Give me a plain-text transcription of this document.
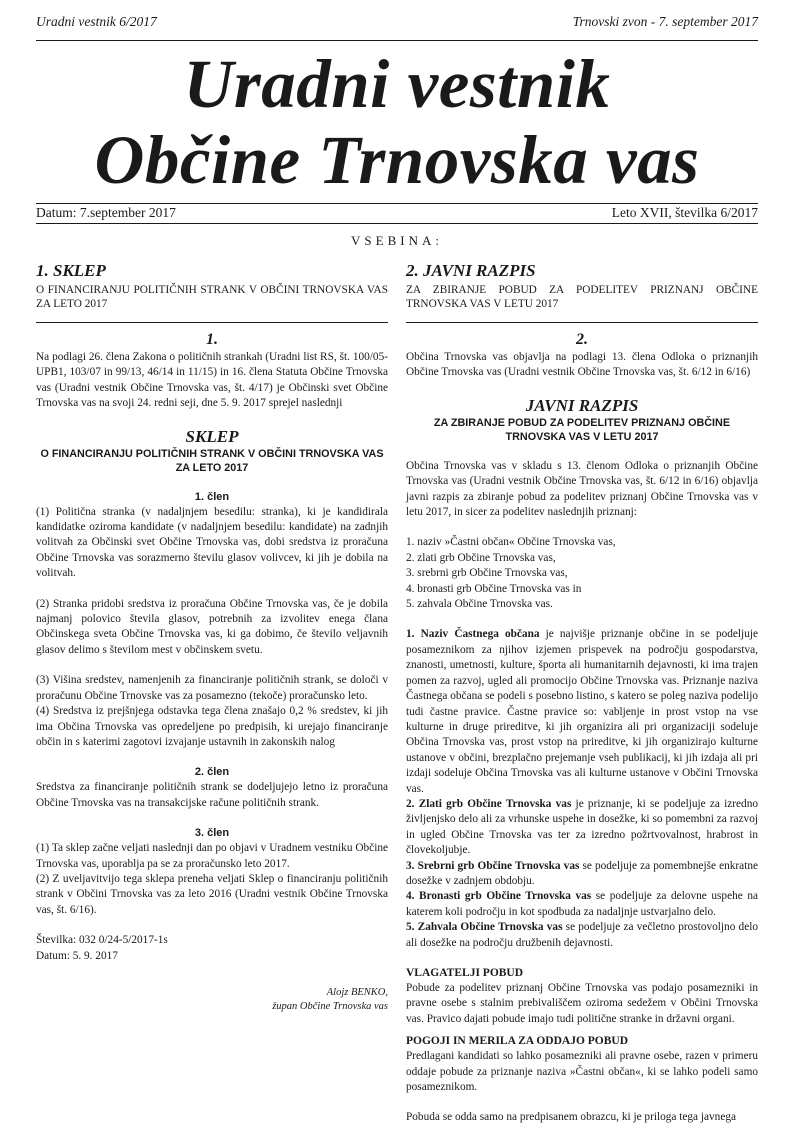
Uradni vestnik 6/2017	Trnovski zvon - 7. september 2017
Uradni vestnik
Občine Trnovska vas
Datum: 7.september 2017	Leto XVII, številka 6/2017
VSEBINA:
1. SKLEP

O FINANCIRANJU POLITIČNIH STRANK V OBČINI TRNOVSKA VAS ZA LETO 2017

2. JAVNI RAZPIS

ZA ZBIRANJE POBUD ZA PODELITEV PRIZNANJ OBČINE TRNOVSKA VAS V LETU 2017

1.

Na podlagi 26. člena Zakona o političnih strankah (Uradni list RS, št. 100/05-UPB1, 103/07 in 99/13, 46/14 in 11/15) in 16. člena Statuta Občine Trnovska vas (Uradni vestnik Občine Trnovska vas, št. 4/17) je Občinski svet Občine Trnovska vas na svoji 24. redni seji, dne 5. 9. 2017 sprejel naslednji

SKLEP
O FINANCIRANJU POLITIČNIH STRANK V OBČINI TRNOVSKA VAS ZA LETO 2017
1. člen

(1) Politična stranka (v nadaljnjem besedilu: stranka), ki je kandidirala kandidatke oziroma kandidate (v nadaljnjem besedilu: kandidate) na zadnjih volitvah za Občinski svet Občine Trnovska vas, dobi sredstva iz proračuna Občine Trnovska vas sorazmerno številu glasov volivcev, ki jih je dobila na volitvah.

(2) Stranka pridobi sredstva iz proračuna Občine Trnovska vas, če je dobila najmanj polovico števila glasov, potrebnih za izvolitev enega člana Občinskega sveta Občine Trnovska vas, ki ga dobimo, če število veljavnih glasov delimo s številom mest v občinskem svetu.

(3) Višina sredstev, namenjenih za financiranje političnih strank, se določi v proračunu Občine Trnovske vas za posamezno (tekoče) proračunsko leto.

(4) Sredstva iz prejšnjega odstavka tega člena znašajo 0,2 % sredstev, ki jih ima Občina Trnovska vas opredeljene po predpisih, ki urejajo financiranje občin in s katerimi zagotovi izvajanje ustavnih in zakonskih nalog

2. člen

Sredstva za financiranje političnih strank se dodeljujejo letno iz proračuna Občine Trnovska vas na transakcijske račune političnih strank.

3. člen

(1) Ta sklep začne veljati naslednji dan po objavi v Uradnem vestniku Občine Trnovska vas, uporablja pa se za proračunsko leto 2017.

(2) Z uveljavitvijo tega sklepa preneha veljati Sklep o financiranju političnih strank v Občini Trnovska vas za leto 2016 (Uradni vestnik Občine Trnovska vas, št. 6/16).

Številka: 032 0/24-5/2017-1s

Datum: 5. 9. 2017

Alojz BENKO,
župan Občine Trnovska vas
2.

Občina Trnovska vas objavlja na podlagi 13. člena Odloka o priznanjih Občine Trnovska vas (Uradni vestnik Občine Trnovska vas, št. 6/12 in 6/16)

JAVNI RAZPIS
ZA ZBIRANJE POBUD ZA PODELITEV PRIZNANJ OBČINE TRNOVSKA VAS V LETU 2017

Občina Trnovska vas v skladu s 13. členom Odloka o priznanjih Občine Trnovska vas (Uradni vestnik Občine Trnovska vas, št. 6/12 in 6/16) objavlja javni razpis za zbiranje pobud za podelitev priznanj Občine Trnovska vas v letu 2017, in sicer za podelitev naslednjih priznanj:

1. naziv »Častni občan« Občine Trnovska vas,

2. zlati grb Občine Trnovska vas,

3. srebrni grb Občine Trnovska vas,

4. bronasti grb Občine Trnovska vas in

5. zahvala Občine Trnovska vas.

1. Naziv Častnega občana je najvišje priznanje občine in se podeljuje posameznikom za njihov izjemen prispevek na področju gospodarstva, znanosti, umetnosti, kulture, športa ali humanitarnih dejavnosti, ki ima trajen pomen za razvoj, ugled ali promocijo Občine Trnovska vas. Priznanje naziva Častnega občana se podeli s posebno listino, s katero se poleg naziva podelijo tudi častne pravice. Častne pravice so: vabljenje in prost vstop na vse kulturne in druge prireditve, ki jih organizira ali pri organizaciji sodeluje Občina Trnovska vas, prost vstop na prireditve, ki jih organizirajo kulturne ustanove v občini, brezplačno prejemanje vseh publikacij, ki jih izdaja ali pri izdaji sodeluje Občina Trnovska vas ali kulturne ustanove v Občini Trnovska vas.

2. Zlati grb Občine Trnovska vas je priznanje, ki se podeljuje za izredno življenjsko delo ali za vrhunske uspehe in dosežke, ki so pomembni za razvoj in ugled Občine Trnovska vas ter za izredno požrtvovalnost, hrabrost in človekoljubje.

3. Srebrni grb Občine Trnovska vas se podeljuje za pomembnejše enkratne dosežke v zadnjem obdobju.

4. Bronasti grb Občine Trnovska vas se podeljuje za delovne uspehe na katerem koli področju in kot spodbuda za nadaljnje ustvarjalno delo.

5. Zahvala Občine Trnovska vas se podeljuje za večletno prostovoljno delo ali dosežke na področju družbenih dejavnosti.

VLAGATELJI POBUD

Pobude za podelitev priznanj Občine Trnovska vas podajo posamezniki in pravne osebe s stalnim prebivališčem oziroma sedežem v Občini Trnovska vas. Pravico dajati pobude imajo tudi politične stranke in državni organi.

POGOJI IN MERILA ZA ODDAJO POBUD

Predlagani kandidati so lahko posamezniki ali pravne osebe, razen v primeru oddaje pobude za priznanje naziva »Častni občan«, ki se lahko podeli samo posameznikom.

Pobuda se odda samo na predpisanem obrazcu, ki je priloga tega javnega
